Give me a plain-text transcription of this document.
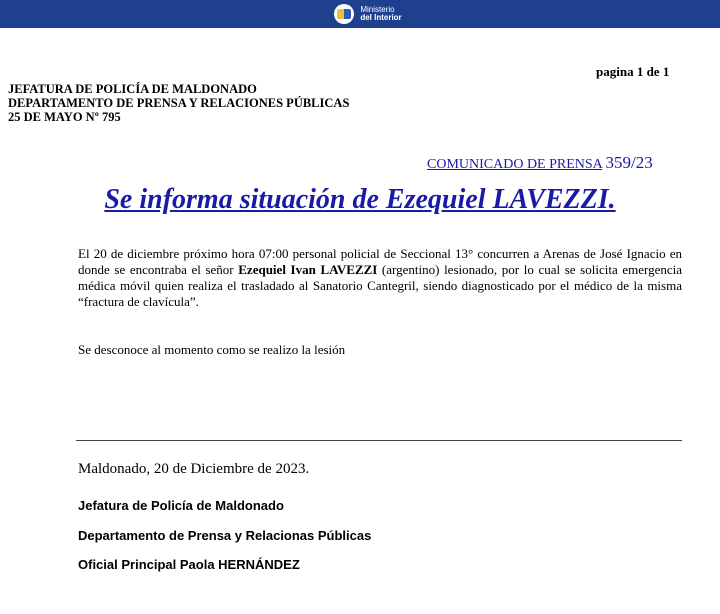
Ministerio
del Interior
pagina 1 de 1
JEFATURA DE POLICÍA DE MALDONADO
DEPARTAMENTO DE PRENSA Y RELACIONES PÚBLICAS
25 DE MAYO Nº 795
COMUNICADO DE PRENSA 359/23
Se informa situación de Ezequiel LAVEZZI.
El 20 de diciembre próximo hora 07:00 personal policial de Seccional 13° concurren a Arenas de José Ignacio en donde se encontraba el señor Ezequiel Ivan LAVEZZI (argentino) lesionado, por lo cual se solicita emergencia médica móvil quien realiza el trasladado al Sanatorio Cantegril, siendo diagnosticado por el médico de la misma “fractura de clavícula”.
Se desconoce al momento como se realizo la lesión
Maldonado, 20 de Diciembre de 2023.
Jefatura de Policía de Maldonado
Departamento de Prensa y Relacionas Públicas
Oficial Principal Paola HERNÁNDEZ
